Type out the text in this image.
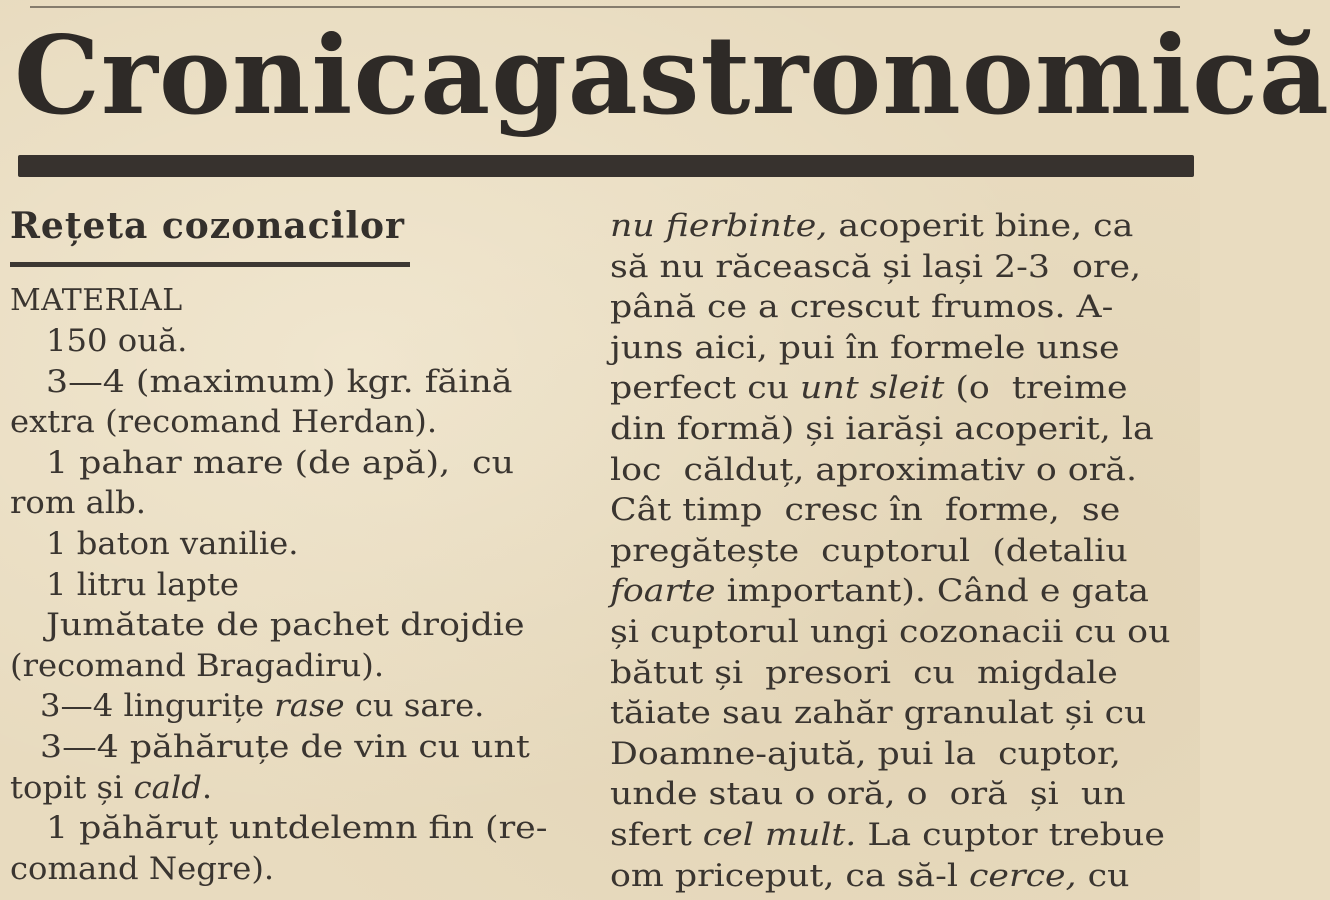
Cronica gastronomică
Rețeta cozonacilor
MATERIAL
150 ouă.
3—4 (maximum) kgr. făină
extra (recomand Herdan).
1 pahar mare (de apă),  cu
rom alb.
1 baton vanilie.
1 litru lapte
Jumătate de pachet drojdie
(recomand Bragadiru).
3—4 lingurițe rase cu sare.
3—4 păhăruțe de vin cu unt
topit și cald.
1 păhăruț untdelemn fin (re-
comand Negre).
nu fierbinte, acoperit bine, ca
să nu răcească și lași 2-3  ore,
până ce a crescut frumos. A-
juns aici, pui în formele unse
perfect cu unt sleit (o  treime
din formă) și iarăși acoperit, la
loc  călduț, aproximativ o oră.
Cât timp  cresc în  forme,  se
pregătește  cuptorul  (detaliu
foarte important). Când e gata
și cuptorul ungi cozonacii cu ou
bătut și  presori  cu  migdale
tăiate sau zahăr granulat și cu
Doamne-ajută, pui la  cuptor,
unde stau o oră, o  oră  și  un
sfert cel mult. La cuptor trebue
om priceput, ca să-l cerce, cu
